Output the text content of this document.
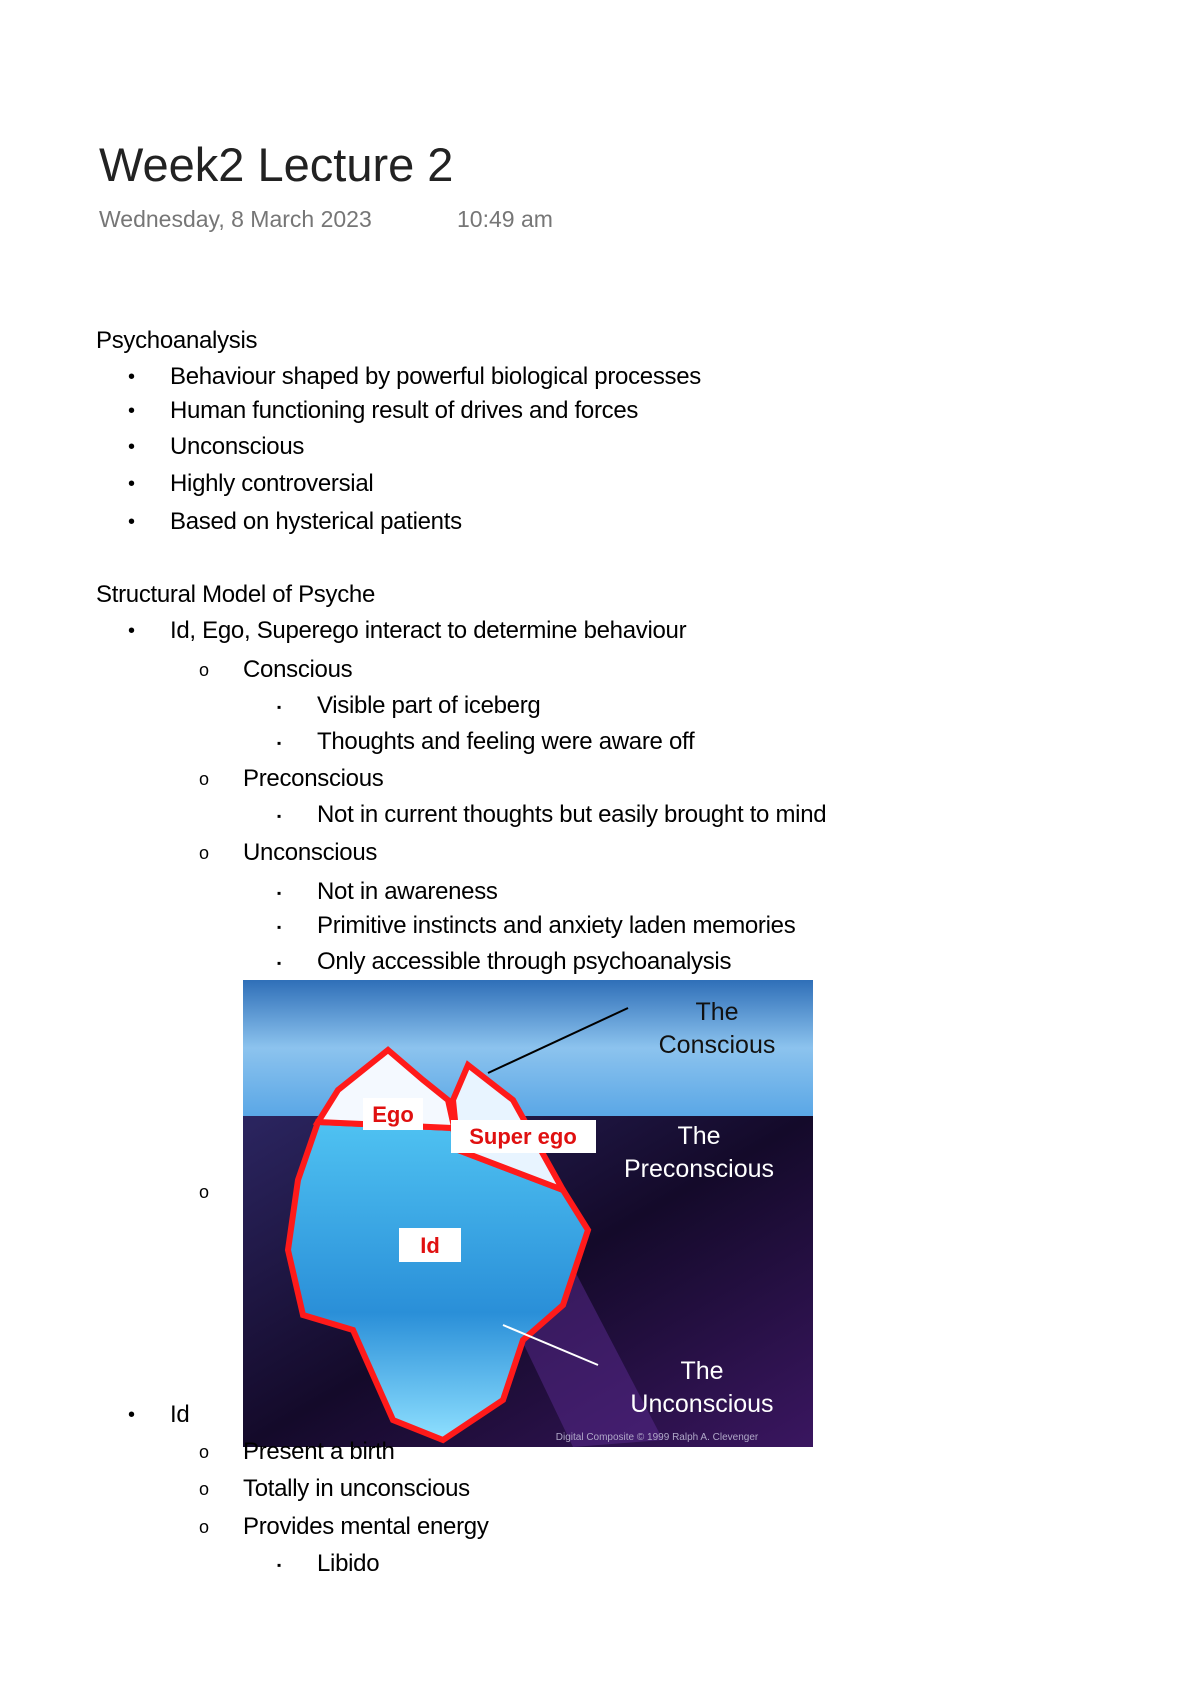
Week2 Lecture 2
Wednesday, 8 March 2023	10:49 am
Psychoanalysis
• Behaviour shaped by powerful biological processes
• Human functioning result of drives and forces
• Unconscious
• Highly controversial
• Based on hysterical patients
Structural Model of Psyche
• Id, Ego, Superego interact to determine behaviour
o Conscious
▪ Visible part of iceberg
▪ Thoughts and feeling were aware off
o Preconscious
▪ Not in current thoughts but easily brought to mind
o Unconscious
▪ Not in awareness
▪ Primitive instincts and anxiety laden memories
▪ Only accessible through psychoanalysis
o
Ego
Super ego
Id
The
Conscious
The
Preconscious
The
Unconscious
Digital Composite © 1999 Ralph A. Clevenger
• Id
o Present a birth
o Totally in unconscious
o Provides mental energy
▪ Libido
